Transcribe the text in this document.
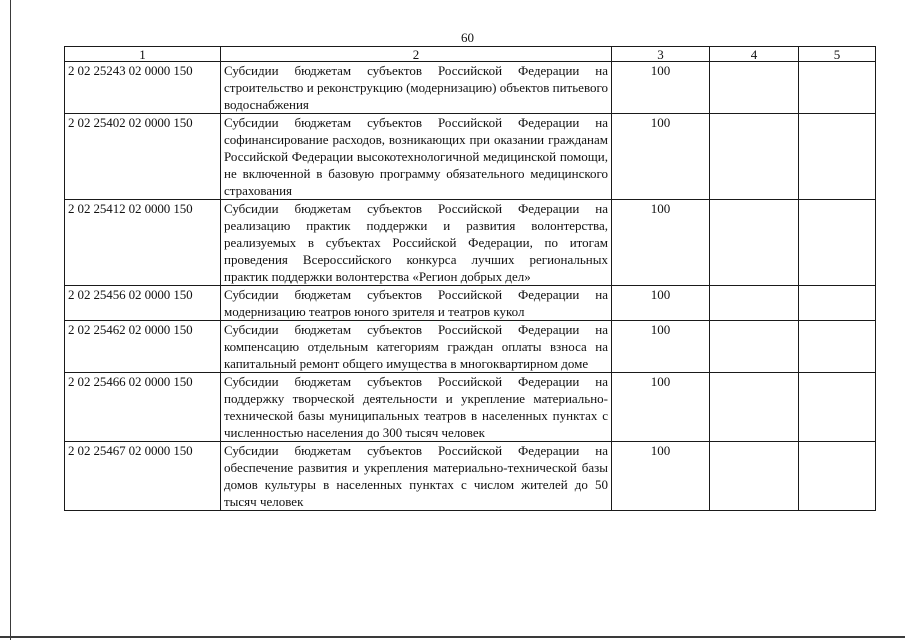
60
1	2	3	4	5
2 02 25243 02 0000 150	Субсидии бюджетам субъектов Российской Федерации на строительство и реконструкцию (модернизацию) объектов питьевого водоснабжения	100		
2 02 25402 02 0000 150	Субсидии бюджетам субъектов Российской Федерации на софинансирование расходов, возникающих при оказании гражданам Российской Федерации высокотехнологичной медицинской помощи, не включенной в базовую программу обязательного медицинского страхования	100		
2 02 25412 02 0000 150	Субсидии бюджетам субъектов Российской Федерации на реализацию практик поддержки и развития волонтерства, реализуемых в субъектах Российской Федерации, по итогам проведения Всероссийского конкурса лучших региональных практик поддержки волонтерства «Регион добрых дел»	100		
2 02 25456 02 0000 150	Субсидии бюджетам субъектов Российской Федерации на модернизацию театров юного зрителя и театров кукол	100		
2 02 25462 02 0000 150	Субсидии бюджетам субъектов Российской Федерации на компенсацию отдельным категориям граждан оплаты взноса на капитальный ремонт общего имущества в многоквартирном доме	100		
2 02 25466 02 0000 150	Субсидии бюджетам субъектов Российской Федерации на поддержку творческой деятельности и укрепление материально-технической базы муниципальных театров в населенных пунктах с численностью населения до 300 тысяч человек	100		
2 02 25467 02 0000 150	Субсидии бюджетам субъектов Российской Федерации на обеспечение развития и укрепления материально-технической базы домов культуры в населенных пунктах с числом жителей до 50 тысяч человек	100		
